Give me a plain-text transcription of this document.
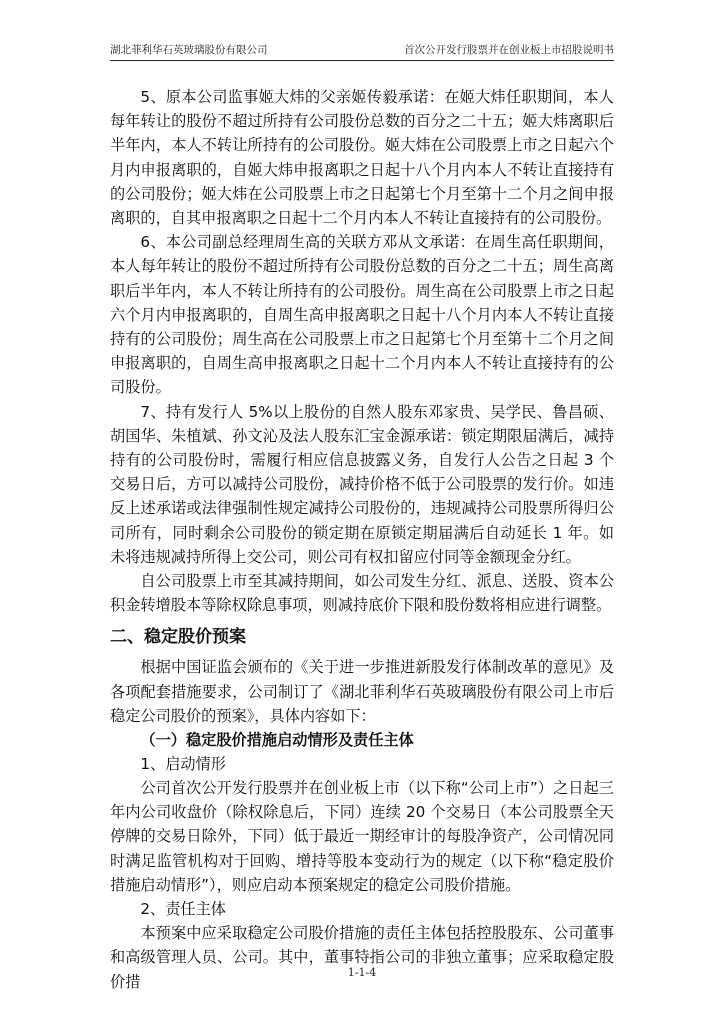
湖北菲利华石英玻璃股份有限公司	首次公开发行股票并在创业板上市招股说明书

5、原本公司监事姬大炜的父亲姬传毅承诺：在姬大炜任职期间，本人每年转让的股份不超过所持有公司股份总数的百分之二十五；姬大炜离职后半年内，本人不转让所持有的公司股份。姬大炜在公司股票上市之日起六个月内申报离职的，自姬大炜申报离职之日起十八个月内本人不转让直接持有的公司股份；姬大炜在公司股票上市之日起第七个月至第十二个月之间申报离职的，自其申报离职之日起十二个月内本人不转让直接持有的公司股份。

6、本公司副总经理周生高的关联方邓从文承诺：在周生高任职期间，本人每年转让的股份不超过所持有公司股份总数的百分之二十五；周生高离职后半年内，本人不转让所持有的公司股份。周生高在公司股票上市之日起六个月内申报离职的，自周生高申报离职之日起十八个月内本人不转让直接持有的公司股份；周生高在公司股票上市之日起第七个月至第十二个月之间申报离职的，自周生高申报离职之日起十二个月内本人不转让直接持有的公司股份。

7、持有发行人 5%以上股份的自然人股东邓家贵、吴学民、鲁昌硕、胡国华、朱植斌、孙文沁及法人股东汇宝金源承诺：锁定期限届满后，减持持有的公司股份时，需履行相应信息披露义务，自发行人公告之日起 3 个交易日后，方可以减持公司股份，减持价格不低于公司股票的发行价。如违反上述承诺或法律强制性规定减持公司股份的，违规减持公司股票所得归公司所有，同时剩余公司股份的锁定期在原锁定期届满后自动延长 1 年。如未将违规减持所得上交公司，则公司有权扣留应付同等金额现金分红。

自公司股票上市至其减持期间，如公司发生分红、派息、送股、资本公积金转增股本等除权除息事项，则减持底价下限和股份数将相应进行调整。

二、稳定股价预案

根据中国证监会颁布的《关于进一步推进新股发行体制改革的意见》及各项配套措施要求，公司制订了《湖北菲利华石英玻璃股份有限公司上市后稳定公司股价的预案》，具体内容如下：

（一）稳定股价措施启动情形及责任主体
1、启动情形

公司首次公开发行股票并在创业板上市（以下称“公司上市”）之日起三年内公司收盘价（除权除息后，下同）连续 20 个交易日（本公司股票全天停牌的交易日除外，下同）低于最近一期经审计的每股净资产，公司情况同时满足监管机构对于回购、增持等股本变动行为的规定（以下称“稳定股价措施启动情形”），则应启动本预案规定的稳定公司股价措施。

2、责任主体

本预案中应采取稳定公司股价措施的责任主体包括控股股东、公司董事和高级管理人员、公司。其中，董事特指公司的非独立董事；应采取稳定股价措	1-1-4
